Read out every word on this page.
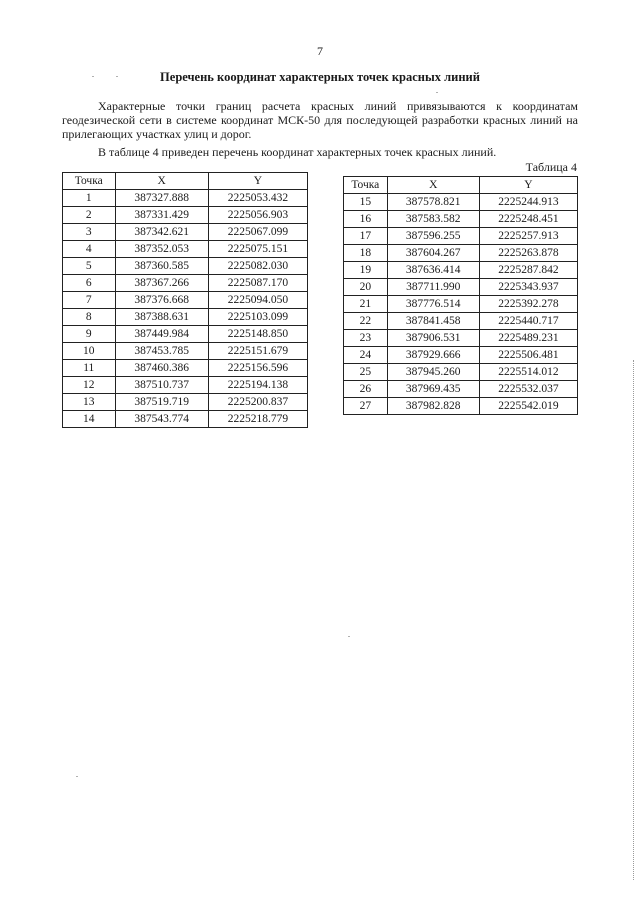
7
Перечень координат характерных точек красных линий

Характерные точки границ расчета красных линий привязываются к координатам геодезической сети в системе координат МСК-50 для последующей разработки красных линий на прилегающих участках улиц и дорог.

В таблице 4 приведен перечень координат характерных точек красных линий.

Таблица 4
Точка	X	Y
1	387327.888	2225053.432
2	387331.429	2225056.903
3	387342.621	2225067.099
4	387352.053	2225075.151
5	387360.585	2225082.030
6	387367.266	2225087.170
7	387376.668	2225094.050
8	387388.631	2225103.099
9	387449.984	2225148.850
10	387453.785	2225151.679
11	387460.386	2225156.596
12	387510.737	2225194.138
13	387519.719	2225200.837
14	387543.774	2225218.779
Точка	X	Y
15	387578.821	2225244.913
16	387583.582	2225248.451
17	387596.255	2225257.913
18	387604.267	2225263.878
19	387636.414	2225287.842
20	387711.990	2225343.937
21	387776.514	2225392.278
22	387841.458	2225440.717
23	387906.531	2225489.231
24	387929.666	2225506.481
25	387945.260	2225514.012
26	387969.435	2225532.037
27	387982.828	2225542.019
